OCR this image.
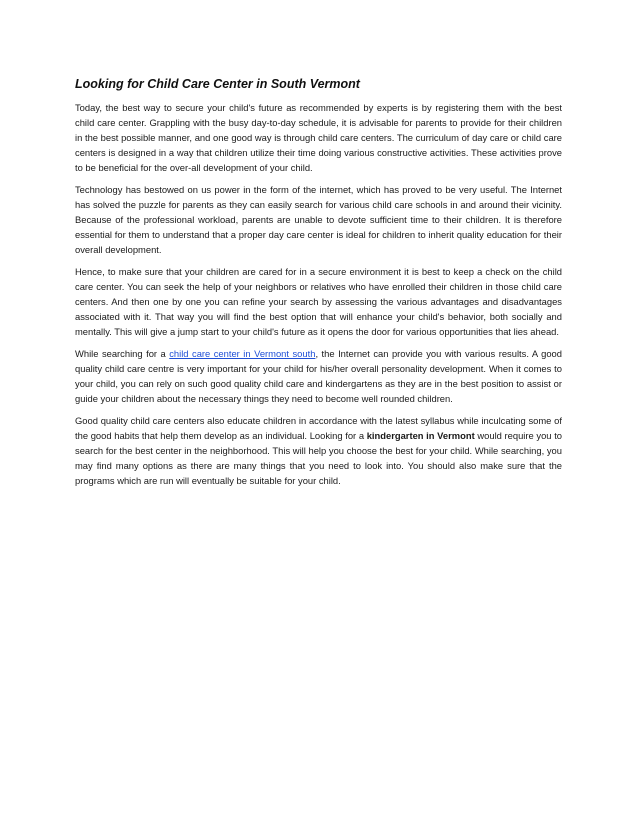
Looking for Child Care Center in South Vermont

Today, the best way to secure your child's future as recommended by experts is by registering them with the best child care center. Grappling with the busy day-to-day schedule, it is advisable for parents to provide for their children in the best possible manner, and one good way is through child care centers. The curriculum of day care or child care centers is designed in a way that children utilize their time doing various constructive activities. These activities prove to be beneficial for the over-all development of your child.

Technology has bestowed on us power in the form of the internet, which has proved to be very useful. The Internet has solved the puzzle for parents as they can easily search for various child care schools in and around their vicinity. Because of the professional workload, parents are unable to devote sufficient time to their children. It is therefore essential for them to understand that a proper day care center is ideal for children to inherit quality education for their overall development.

Hence, to make sure that your children are cared for in a secure environment it is best to keep a check on the child care center. You can seek the help of your neighbors or relatives who have enrolled their children in those child care centers. And then one by one you can refine your search by assessing the various advantages and disadvantages associated with it. That way you will find the best option that will enhance your child's behavior, both socially and mentally. This will give a jump start to your child's future as it opens the door for various opportunities that lies ahead.

While searching for a child care center in Vermont south, the Internet can provide you with various results. A good quality child care centre is very important for your child for his/her overall personality development. When it comes to your child, you can rely on such good quality child care and kindergartens as they are in the best position to assist or guide your children about the necessary things they need to become well rounded children.

Good quality child care centers also educate children in accordance with the latest syllabus while inculcating some of the good habits that help them develop as an individual. Looking for a kindergarten in Vermont would require you to search for the best center in the neighborhood. This will help you choose the best for your child. While searching, you may find many options as there are many things that you need to look into. You should also make sure that the programs which are run will eventually be suitable for your child.
